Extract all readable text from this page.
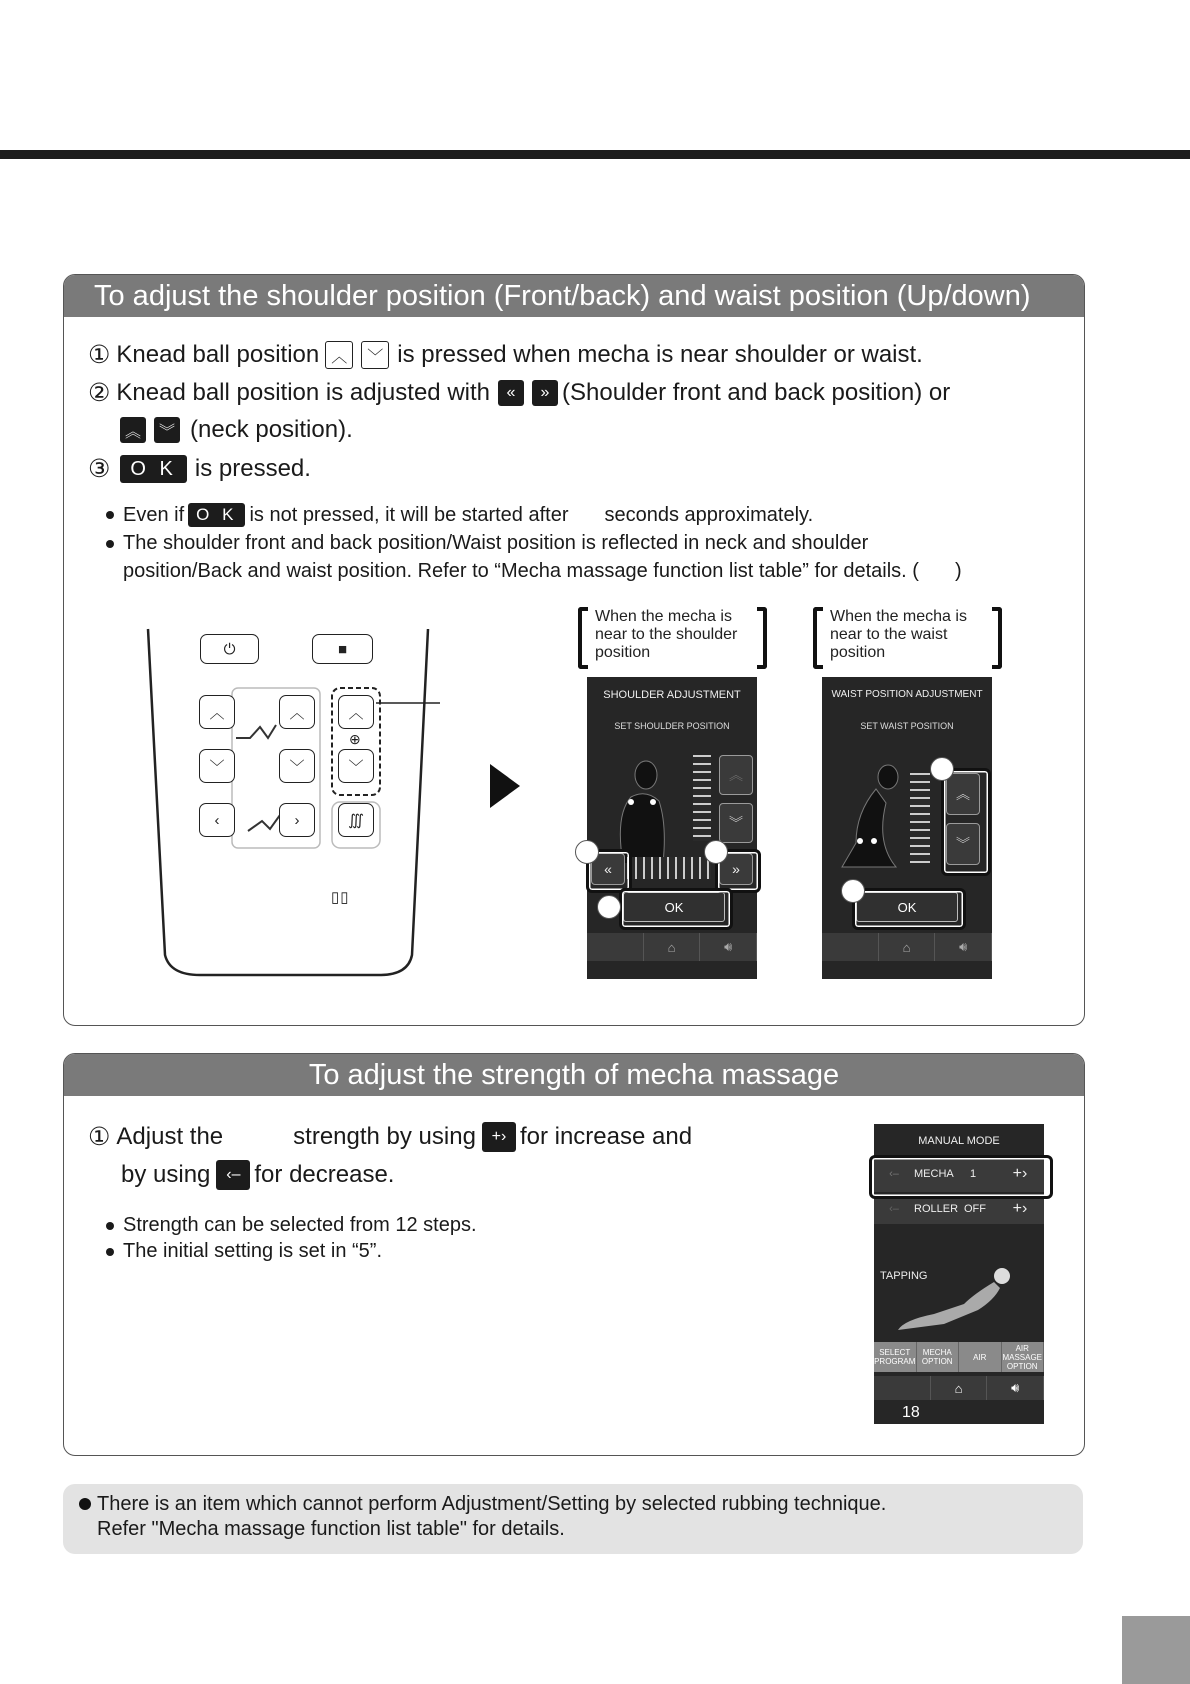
To adjust the shoulder position (Front/back) and waist position (Up/down)
① Knead ball position ︿	﹀ is pressed when mecha is near shoulder or waist.
② Knead ball position is adjusted with	«	» (Shoulder front and back position) or
︽	︾ (neck position).
③	O K is pressed.
Even if O K is not pressed, it will be started after seconds approximately.
The shoulder front and back position/Waist position is reflected in neck and shoulder
position/Back and waist position. Refer to “Mecha massage function list table” for details. ( )
⏻	■
︿
﹀
︿
﹀
︿
⊕
﹀
‹	›	∭
▯▯
When the mecha is
near to the shoulder
position
When the mecha is
near to the waist
position
SHOULDER ADJUSTMENT
SET SHOULDER POSITION
︽
︾
«	»
OK
⌂	🔊︎
WAIST POSITION ADJUSTMENT
SET WAIST POSITION
︽
︾
OK
⌂	🔊︎
To adjust the strength of mecha massage
① Adjust the	strength by using +› for increase and
by using ‹– for decrease.
Strength can be selected from 12 steps.
The initial setting is set in “5”.
MANUAL MODE
‹–	MECHA	1	+›
‹–	ROLLER OFF	+›
TAPPING
SELECT PROGRAM
MECHA OPTION	AIR
AIR MASSAGE OPTION
⌂	🔊︎
18
There is an item which cannot perform Adjustment/Setting by selected rubbing technique.
Refer "Mecha massage function list table" for details.
